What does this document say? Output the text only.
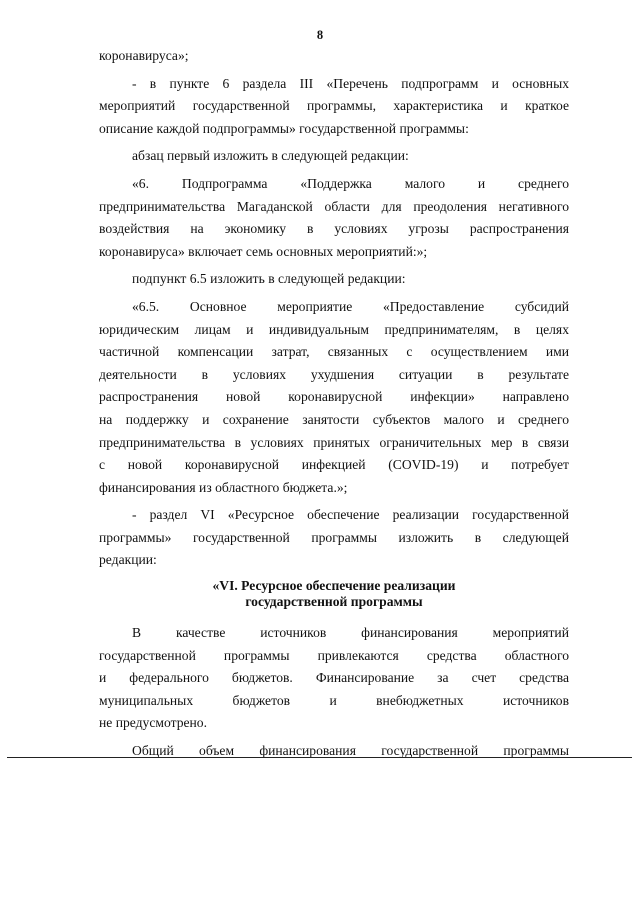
8
коронавируса»;
- в пункте 6 раздела III «Перечень подпрограмм и основных
мероприятий государственной программы, характеристика и краткое
описание каждой подпрограммы» государственной программы:
абзац первый изложить в следующей редакции:
«6. Подпрограмма «Поддержка малого и среднего
предпринимательства Магаданской области для преодоления негативного
воздействия на экономику в условиях угрозы распространения
коронавируса» включает семь основных мероприятий:»;
подпункт 6.5 изложить в следующей редакции:
«6.5. Основное мероприятие «Предоставление субсидий
юридическим лицам и индивидуальным предпринимателям, в целях
частичной компенсации затрат, связанных с осуществлением ими
деятельности в условиях ухудшения ситуации в результате
распространения новой коронавирусной инфекции» направлено
на поддержку и сохранение занятости субъектов малого и среднего
предпринимательства в условиях принятых ограничительных мер в связи
с новой коронавирусной инфекцией (COVID-19) и потребует
финансирования из областного бюджета.»;
- раздел VI «Ресурсное обеспечение реализации государственной
программы» государственной программы изложить в следующей
редакции:
«VI. Ресурсное обеспечение реализации
государственной программы
В качестве источников финансирования мероприятий
государственной программы привлекаются средства областного
и федерального бюджетов. Финансирование за счет средства
муниципальных бюджетов и внебюджетных источников
не предусмотрено.
Общий объем финансирования государственной программы
